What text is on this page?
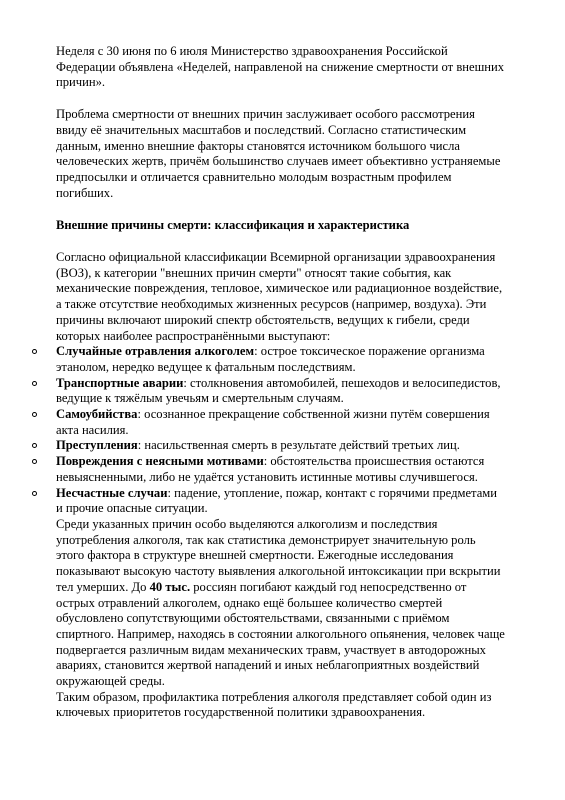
Неделя с 30 июня по 6 июля Министерство здравоохранения Российской Федерации объявлена «Неделей, направленой на снижение смертности от внешних причин».

Проблема смертности от внешних причин заслуживает особого рассмотрения ввиду её значительных масштабов и последствий. Согласно статистическим данным, именно внешние факторы становятся источником большого числа человеческих жертв, причём большинство случаев имеет объективно устраняемые предпосылки и отличается сравнительно молодым возрастным профилем погибших.

Внешние причины смерти: классификация и характеристика

Согласно официальной классификации Всемирной организации здравоохранения (ВОЗ), к категории "внешних причин смерти" относят такие события, как механические повреждения, тепловое, химическое или радиационное воздействие, а также отсутствие необходимых жизненных ресурсов (например, воздуха). Эти причины включают широкий спектр обстоятельств, ведущих к гибели, среди которых наиболее распространёнными выступают:

Случайные отравления алкоголем: острое токсическое поражение организма этанолом, нередко ведущее к фатальным последствиям.
Транспортные аварии: столкновения автомобилей, пешеходов и велосипедистов, ведущие к тяжёлым увечьям и смертельным случаям.
Самоубийства: осознанное прекращение собственной жизни путём совершения акта насилия.
Преступления: насильственная смерть в результате действий третьих лиц.
Повреждения с неясными мотивами: обстоятельства происшествия остаются невыясненными, либо не удаётся установить истинные мотивы случившегося.
Несчастные случаи: падение, утопление, пожар, контакт с горячими предметами и прочие опасные ситуации.

Среди указанных причин особо выделяются алкоголизм и последствия употребления алкоголя, так как статистика демонстрирует значительную роль этого фактора в структуре внешней смертности. Ежегодные исследования показывают высокую частоту выявления алкогольной интоксикации при вскрытии тел умерших. До 40 тыс. россиян погибают каждый год непосредственно от острых отравлений алкоголем, однако ещё большее количество смертей обусловлено сопутствующими обстоятельствами, связанными с приёмом спиртного. Например, находясь в состоянии алкогольного опьянения, человек чаще подвергается различным видам механических травм, участвует в автодорожных авариях, становится жертвой нападений и иных неблагоприятных воздействий окружающей среды.

Таким образом, профилактика потребления алкоголя представляет собой один из ключевых приоритетов государственной политики здравоохранения.
